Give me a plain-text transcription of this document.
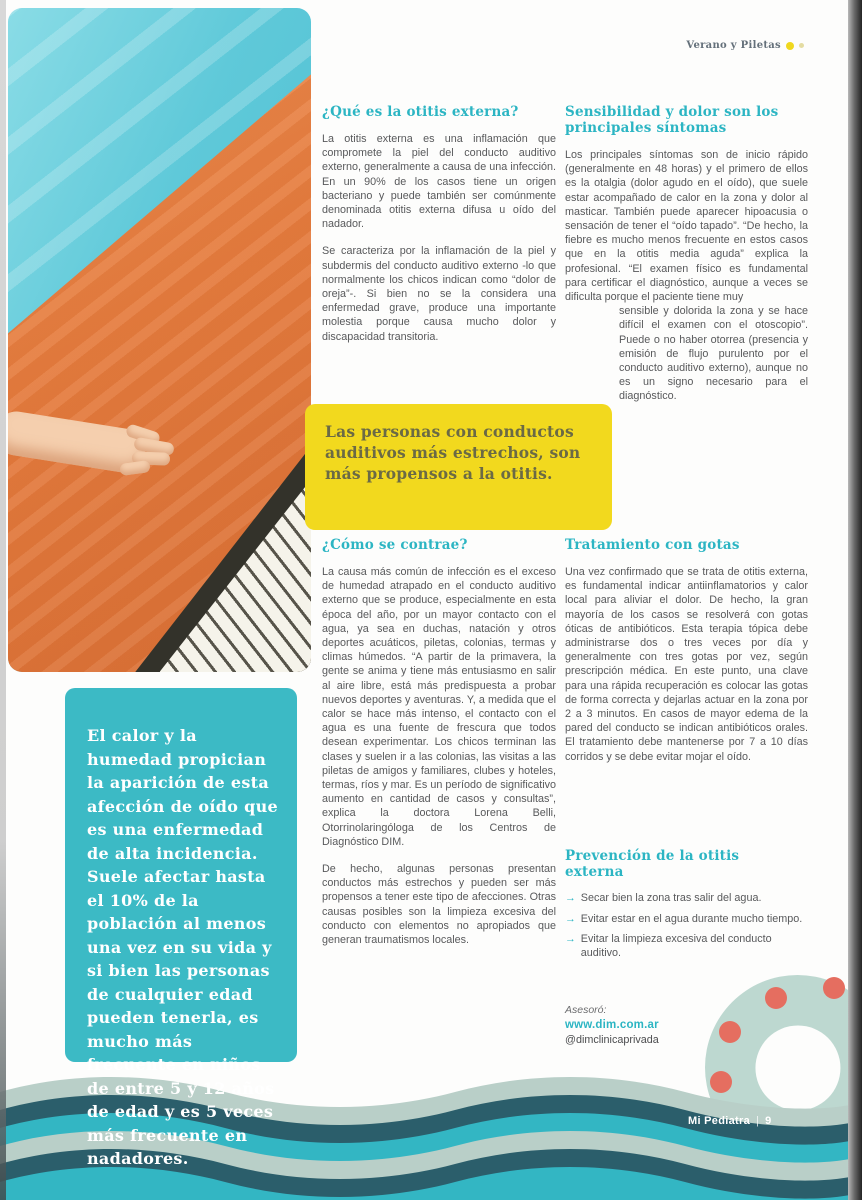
Verano y Piletas
¿Qué es la otitis externa?

La otitis externa es una inflamación que compromete la piel del conducto auditivo externo, generalmente a causa de una infección. En un 90% de los casos tiene un origen bacteriano y puede también ser comúnmente denominada otitis externa difusa u oído del nadador.

Se caracteriza por la inflamación de la piel y subdermis del conducto auditivo externo -lo que normalmente los chicos indican como “dolor de oreja”-. Si bien no se la considera una enfermedad grave, produce una importante molestia porque causa mucho dolor y discapacidad transitoria.

Las personas con conductos auditivos más estrechos, son más propensos a la otitis.

¿Cómo se contrae?

La causa más común de infección es el exceso de humedad atrapado en el conducto auditivo externo que se produce, especialmente en esta época del año, por un mayor contacto con el agua, ya sea en duchas, natación y otros deportes acuáticos, piletas, colonias, termas y climas húmedos. “A partir de la primavera, la gente se anima y tiene más entusiasmo en salir al aire libre, está más predispuesta a probar nuevos deportes y aventuras. Y, a medida que el calor se hace más intenso, el contacto con el agua es una fuente de frescura que todos desean experimentar. Los chicos terminan las clases y suelen ir a las colonias, las visitas a las piletas de amigos y familiares, clubes y hoteles, termas, ríos y mar. Es un período de significativo aumento en cantidad de casos y consultas”, explica la doctora Lorena Belli, Otorrinolaringóloga de los Centros de Diagnóstico DIM.

De hecho, algunas personas presentan conductos más estrechos y pueden ser más propensos a tener este tipo de afecciones. Otras causas posibles son la limpieza excesiva del conducto con elementos no apropiados que generan traumatismos locales.

Sensibilidad y dolor son los principales síntomas

Los principales síntomas son de inicio rápido (generalmente en 48 horas) y el primero de ellos es la otalgia (dolor agudo en el oído), que suele estar acompañado de calor en la zona y dolor al masticar. También puede aparecer hipoacusia o sensación de tener el “oído tapado”. “De hecho, la fiebre es mucho menos frecuente en estos casos que en la otitis media aguda” explica la profesional. “El examen físico es fundamental para certificar el diagnóstico, aunque a veces se dificulta porque el paciente tiene muy

sensible y dolorida la zona y se hace difícil el examen con el otoscopio”. Puede o no haber otorrea (presencia y emisión de flujo purulento por el conducto auditivo externo), aunque no es un signo necesario para el diagnóstico.

Tratamiento con gotas

Una vez confirmado que se trata de otitis externa, es fundamental indicar antiinflamatorios y calor local para aliviar el dolor. De hecho, la gran mayoría de los casos se resolverá con gotas óticas de antibióticos. Esta terapia tópica debe administrarse dos o tres veces por día y generalmente con tres gotas por vez, según prescripción médica. En este punto, una clave para una rápida recuperación es colocar las gotas de forma correcta y dejarlas actuar en la zona por 2 a 3 minutos. En casos de mayor edema de la pared del conducto se indican antibióticos orales. El tratamiento debe mantenerse por 7 a 10 días corridos y se debe evitar mojar el oído.

Prevención de la otitis externa
→ Secar bien la zona tras salir del agua.
→ Evitar estar en el agua durante mucho tiempo.
→ Evitar la limpieza excesiva del conducto auditivo.
Asesoró:
www.dim.com.ar
@dimclinicaprivada

El calor y la humedad propician la aparición de esta afección de oído que es una enfermedad de alta incidencia. Suele afectar hasta el 10% de la población al menos una vez en su vida y si bien las personas de cualquier edad pueden tenerla, es mucho más frecuente en niños de entre 5 y 12 años de edad y es 5 veces más frecuente en nadadores.

Mi Pediatra | 9
